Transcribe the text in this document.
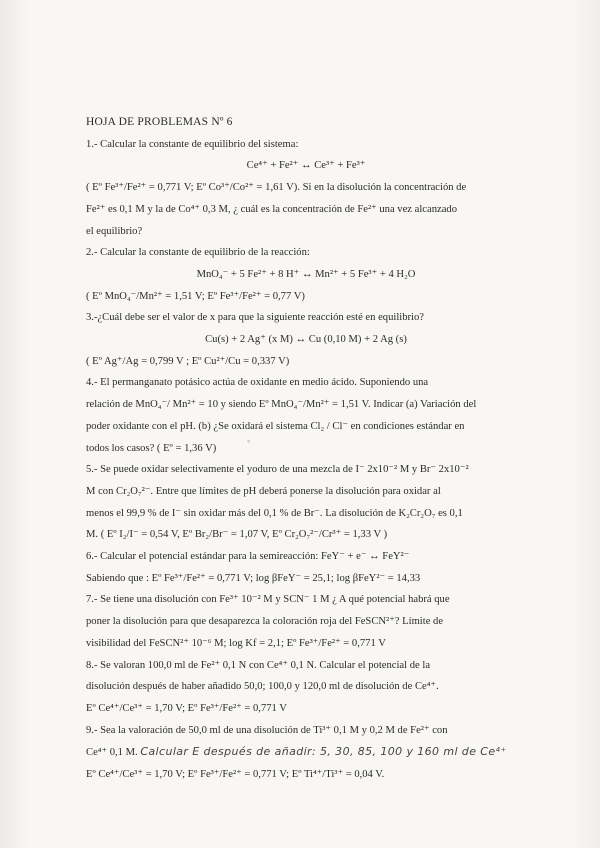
HOJA DE PROBLEMAS Nº 6
1.- Calcular la constante de equilibrio del sistema:
Ce⁴⁺ + Fe²⁺ ↔ Ce³⁺ + Fe³⁺
( Eº Fe³⁺/Fe²⁺ = 0,771 V; Eº Co³⁺/Co²⁺ = 1,61 V). Si en la disolución la concentración de
Fe²⁺ es 0,1 M y la de Co⁴⁺ 0,3 M, ¿ cuál es la concentración de Fe²⁺ una vez alcanzado
el equilibrio?
2.- Calcular la constante de equilibrio de la reacción:
MnO₄⁻ + 5 Fe²⁺ + 8 H⁺ ↔ Mn²⁺ + 5 Fe³⁺ + 4 H₂O
( Eº MnO₄⁻/Mn²⁺ = 1,51 V; Eº Fe³⁺/Fe²⁺ = 0,77 V)
3.-¿Cuál debe ser el valor de x para que la siguiente reacción esté en equilibrio?
Cu(s) + 2 Ag⁺ (x M) ↔ Cu (0,10 M) + 2 Ag (s)
( Eº Ag⁺/Ag = 0,799 V ; Eº Cu²⁺/Cu = 0,337 V)
4.- El permanganato potásico actúa de oxidante en medio ácido. Suponiendo una
relación de MnO₄⁻/ Mn²⁺ = 10 y siendo Eº MnO₄⁻/Mn²⁺ = 1,51 V. Indicar (a) Variación del
poder oxidante con el pH. (b) ¿Se oxidará el sistema Cl₂ / Cl⁻ en condiciones estándar en
todos los casos? ( Eº = 1,36 V)
5.- Se puede oxidar selectivamente el yoduro de una mezcla de I⁻ 2x10⁻² M y Br⁻ 2x10⁻²
M con Cr₂O₇²⁻. Entre que límites de pH deberá ponerse la disolución para oxidar al
menos el 99,9 % de I⁻ sin oxidar más del 0,1 % de Br⁻. La disolución de K₂Cr₂O₇ es 0,1
M. ( Eº I₂/I⁻ = 0,54 V, Eº Br₂/Br⁻ = 1,07 V, Eº Cr₂O₇²⁻/Cr³⁺ = 1,33 V )
6.- Calcular el potencial estándar para la semireacción: FeY⁻ + e⁻ ↔ FeY²⁻
Sabiendo que : Eº Fe³⁺/Fe²⁺ = 0,771 V; log βFeY⁻ = 25,1; log βFeY²⁻ = 14,33
7.- Se tiene una disolución con Fe³⁺ 10⁻² M y SCN⁻ 1 M ¿ A qué potencial habrá que
poner la disolución para que desaparezca la coloración roja del FeSCN²⁺? Límite de
visibilidad del FeSCN²⁺ 10⁻⁶ M; log Kf = 2,1; Eº Fe³⁺/Fe²⁺ = 0,771 V
8.- Se valoran 100,0 ml de Fe²⁺ 0,1 N con Ce⁴⁺ 0,1 N. Calcular el potencial de la
disolución después de haber añadido 50,0; 100,0 y 120,0 ml de disolución de Ce⁴⁺.
Eº Ce⁴⁺/Ce³⁺ = 1,70 V; Eº Fe³⁺/Fe²⁺ = 0,771 V
9.- Sea la valoración de 50,0 ml de una disolución de Ti³⁺ 0,1 M y 0,2 M de Fe²⁺ con
Ce⁴⁺ 0,1 M. Calcular E después de añadir: 5, 30, 85, 100 y 160 ml de Ce⁴⁺
Eº Ce⁴⁺/Ce³⁺ = 1,70 V; Eº Fe³⁺/Fe²⁺ = 0,771 V; Eº Ti⁴⁺/Ti³⁺ = 0,04 V.
◦
